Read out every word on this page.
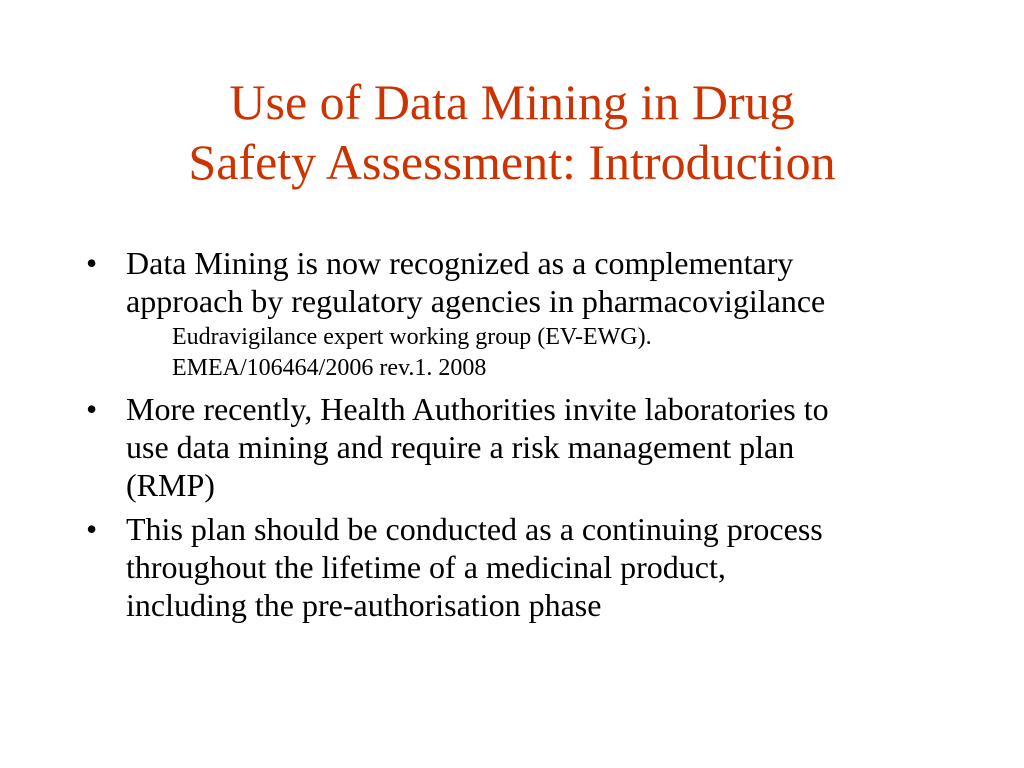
Use of Data Mining in Drug
Safety Assessment: Introduction
• Data Mining is now recognized as a complementary
approach by regulatory agencies in pharmacovigilance
Eudravigilance expert working group (EV-EWG).
EMEA/106464/2006 rev.1. 2008
• More recently, Health Authorities invite laboratories to
use data mining and require a risk management plan
(RMP)
• This plan should be conducted as a continuing process
throughout the lifetime of a medicinal product,
including the pre-authorisation phase
